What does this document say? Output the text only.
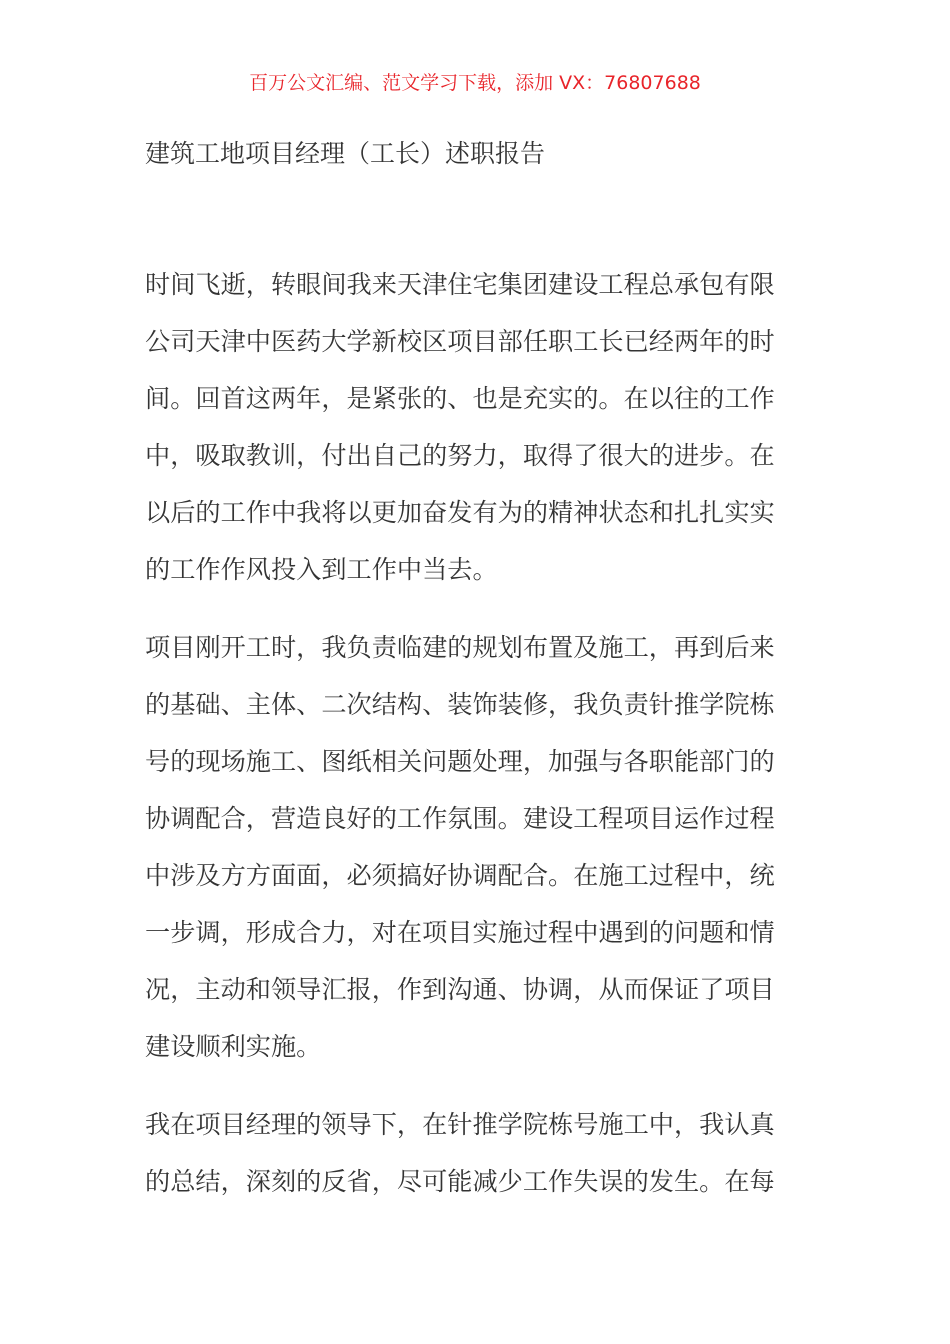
百万公文汇编、范文学习下载，添加 VX：76807688
建筑工地项目经理（工长）述职报告
时间飞逝，转眼间我来天津住宅集团建设工程总承包有限
公司天津中医药大学新校区项目部任职工长已经两年的时
间。回首这两年，是紧张的、也是充实的。在以往的工作
中，吸取教训，付出自己的努力，取得了很大的进步。在
以后的工作中我将以更加奋发有为的精神状态和扎扎实实
的工作作风投入到工作中当去。
项目刚开工时，我负责临建的规划布置及施工，再到后来
的基础、主体、二次结构、装饰装修，我负责针推学院栋
号的现场施工、图纸相关问题处理，加强与各职能部门的
协调配合，营造良好的工作氛围。建设工程项目运作过程
中涉及方方面面，必须搞好协调配合。在施工过程中，统
一步调，形成合力，对在项目实施过程中遇到的问题和情
况，主动和领导汇报，作到沟通、协调，从而保证了项目
建设顺利实施。
我在项目经理的领导下，在针推学院栋号施工中，我认真
的总结，深刻的反省，尽可能减少工作失误的发生。在每
